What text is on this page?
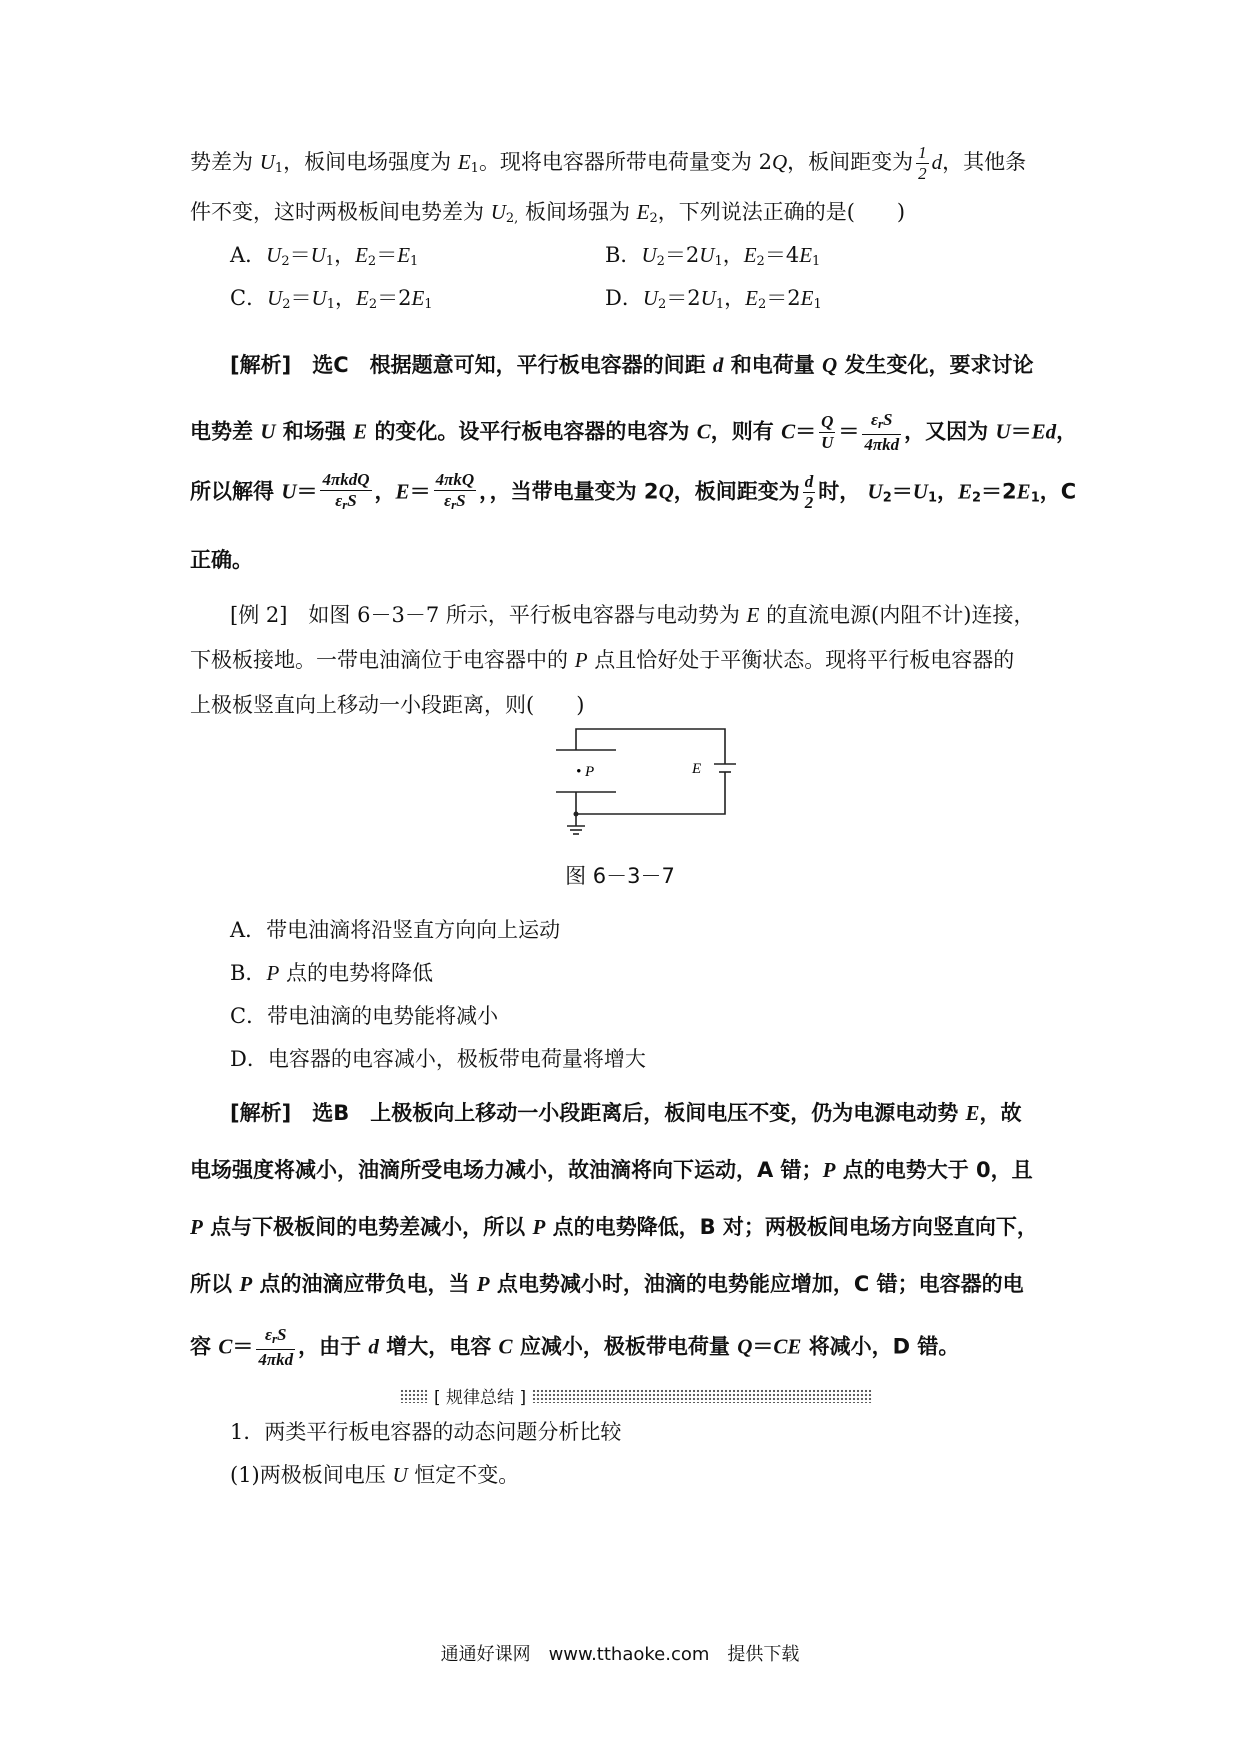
势差为 $U_1$，板间电场强度为 $E_1$。现将电容器所带电荷量变为 2Q，板间距变为 $\frac{1}{2}$ d，其他条
件不变，这时两极板间电势差为 $U_{2,}$ 板间场强为 $E_2$，下列说法正确的是(　　)
A．$U_2=U_1$，$E_2=E_1$	B．$U_2=2U_1$，$E_2=4E_1$
C．$U_2=U_1$，$E_2=2E_1$	D．$U_2=2U_1$，$E_2=2E_1$
[解析]　选C　根据题意可知，平行板电容器的间距 d 和电荷量 Q 发生变化，要求讨论
电势差 U 和场强 E 的变化。设平行板电容器的电容为 C，则有 $C= \frac{Q}{U} = \frac{\varepsilon_rS}{\text{4πkd}}$ ，又因为 U＝Ed，
所以解得 $U= \frac{\text{4πkdQ}}{\varepsilon_rS}$ ，$E= \frac{\text{4πkQ}}{\varepsilon_rS}$ ，，当带电量变为 2Q，板间距变为 $\frac{d}{2}$ 时， $U_2=U_1$，$E_2=2E_1$，C
正确。
[例 2]　如图 6－3－7 所示，平行板电容器与电动势为 E 的直流电源(内阻不计)连接，
下极板接地。一带电油滴位于电容器中的 P 点且恰好处于平衡状态。现将平行板电容器的
上极板竖直向上移动一小段距离，则(　　)
• P	E
图 6－3－7
A．带电油滴将沿竖直方向向上运动
B．P 点的电势将降低
C．带电油滴的电势能将减小
D．电容器的电容减小，极板带电荷量将增大
[解析]　选B　上极板向上移动一小段距离后，板间电压不变，仍为电源电动势 E，故
电场强度将减小，油滴所受电场力减小，故油滴将向下运动，A 错；P 点的电势大于 0，且
P 点与下极板间的电势差减小，所以 P 点的电势降低，B 对；两极板间电场方向竖直向下，
所以 P 点的油滴应带负电，当 P 点电势减小时，油滴的电势能应增加，C 错；电容器的电
容 $C= \frac{\varepsilon_rS}{\text{4πkd}}$ ，由于 d 增大，电容 C 应减小，极板带电荷量 Q＝CE 将减小，D 错。
[ 规律总结 ]
1．两类平行板电容器的动态问题分析比较
(1)两极板间电压 U 恒定不变。
通通好课网　www.tthaoke.com　提供下载
